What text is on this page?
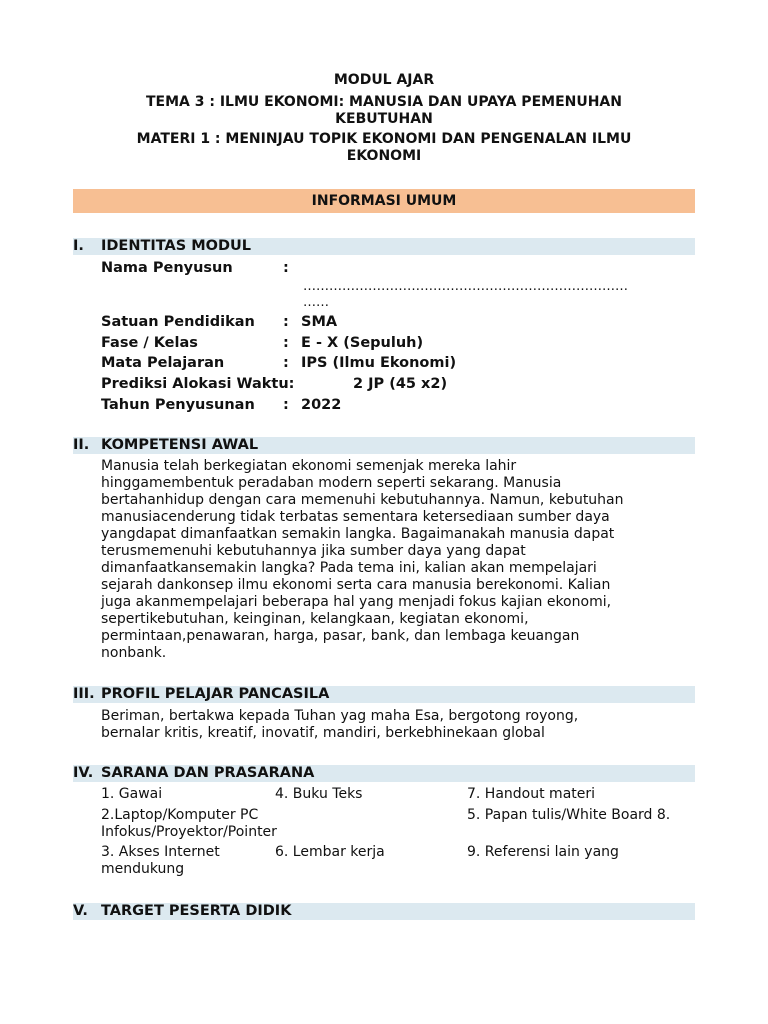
MODUL AJAR
TEMA 3 : ILMU EKONOMI: MANUSIA DAN UPAYA PEMENUHAN
KEBUTUHAN
MATERI 1 : MENINJAU TOPIK EKONOMI DAN PENGENALAN ILMU
EKONOMI
INFORMASI UMUM
I. IDENTITAS MODUL
Nama Penyusun	:
…………………………………………………………………
……
Satuan Pendidikan : SMA
Fase / Kelas	: E - X (Sepuluh)
Mata Pelajaran	: IPS (Ilmu Ekonomi)
Prediksi Alokasi Waktu:	2 JP (45 x2)
Tahun Penyusunan : 2022
II. KOMPETENSI AWAL
Manusia telah berkegiatan ekonomi semenjak mereka lahir
hinggamembentuk peradaban modern seperti sekarang. Manusia
bertahanhidup dengan cara memenuhi kebutuhannya. Namun, kebutuhan
manusiacenderung tidak terbatas sementara ketersediaan sumber daya
yangdapat dimanfaatkan semakin langka. Bagaimanakah manusia dapat
terusmemenuhi kebutuhannya jika sumber daya yang dapat
dimanfaatkansemakin langka? Pada tema ini, kalian akan mempelajari
sejarah dankonsep ilmu ekonomi serta cara manusia berekonomi. Kalian
juga akanmempelajari beberapa hal yang menjadi fokus kajian ekonomi,
sepertikebutuhan, keinginan, kelangkaan, kegiatan ekonomi,
permintaan,penawaran, harga, pasar, bank, dan lembaga keuangan
nonbank.
III. PROFIL PELAJAR PANCASILA
Beriman, bertakwa kepada Tuhan yag maha Esa, bergotong royong,
bernalar kritis, kreatif, inovatif, mandiri, berkebhinekaan global
IV. SARANA DAN PRASARANA
1. Gawai	4. Buku Teks	7. Handout materi
2.Laptop/Komputer PC
Infokus/Proyektor/Pointer
5. Papan tulis/White Board 8.
3. Akses Internet
mendukung
6. Lembar kerja	9. Referensi lain yang
V. TARGET PESERTA DIDIK
